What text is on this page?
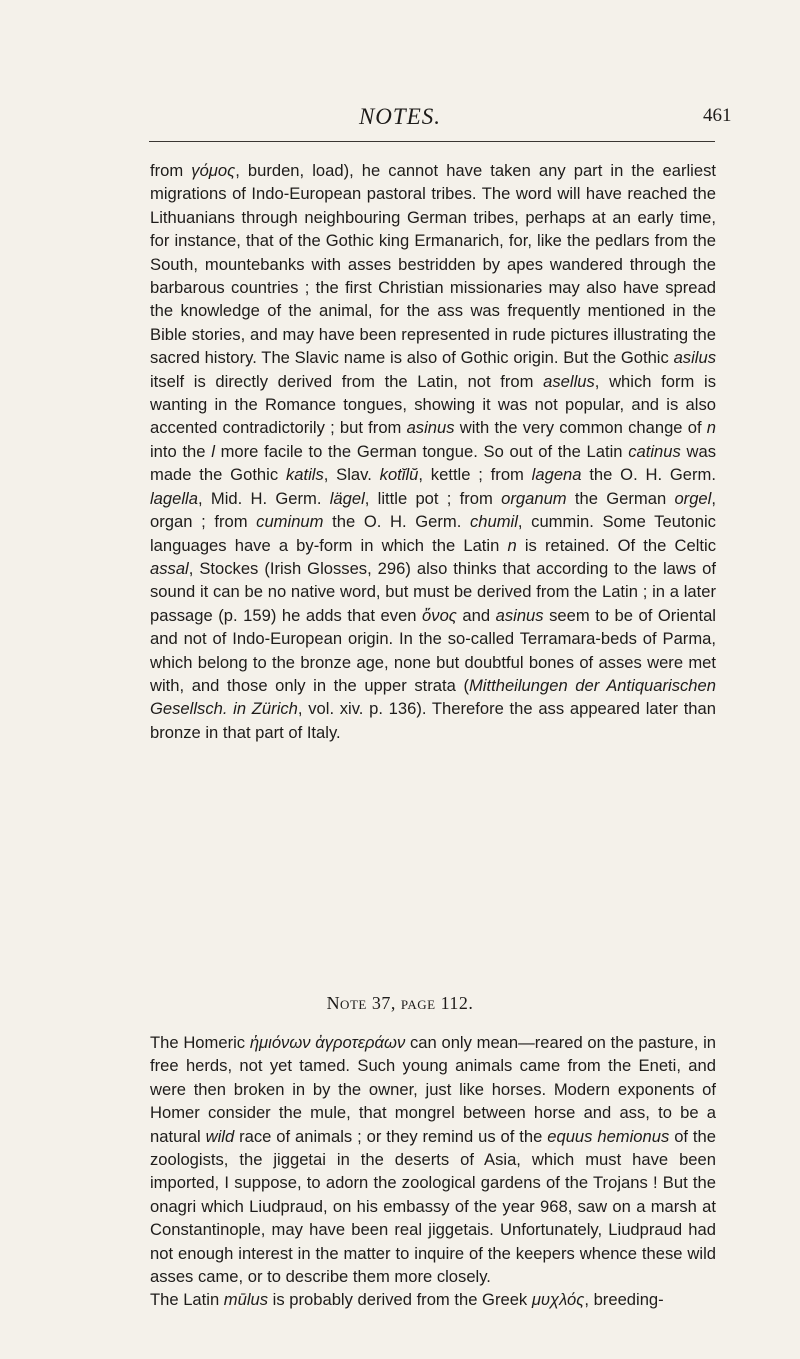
NOTES.	461

from γόμος, burden, load), he cannot have taken any part in the earliest migrations of Indo-European pastoral tribes. The word will have reached the Lithuanians through neighbouring German tribes, perhaps at an early time, for instance, that of the Gothic king Ermanarich, for, like the pedlars from the South, mountebanks with asses bestridden by apes wandered through the barbarous countries ; the first Christian missionaries may also have spread the knowledge of the animal, for the ass was frequently mentioned in the Bible stories, and may have been represented in rude pictures illustrating the sacred history. The Slavic name is also of Gothic origin. But the Gothic asilus itself is directly derived from the Latin, not from asellus, which form is wanting in the Romance tongues, showing it was not popular, and is also accented contradictorily ; but from asinus with the very common change of n into the l more facile to the German tongue. So out of the Latin catinus was made the Gothic katils, Slav. kotĭlŭ, kettle ; from lagena the O. H. Germ. lagella, Mid. H. Germ. lägel, little pot ; from organum the German orgel, organ ; from cuminum the O. H. Germ. chumil, cummin. Some Teutonic languages have a by-form in which the Latin n is retained. Of the Celtic assal, Stockes (Irish Glosses, 296) also thinks that according to the laws of sound it can be no native word, but must be derived from the Latin ; in a later passage (p. 159) he adds that even ὄνος and asinus seem to be of Oriental and not of Indo-European origin. In the so-called Terramara-beds of Parma, which belong to the bronze age, none but doubtful bones of asses were met with, and those only in the upper strata (Mittheilungen der Antiquarischen Gesellsch. in Zürich, vol. xiv. p. 136). Therefore the ass appeared later than bronze in that part of Italy.

Note 37, page 112.

The Homeric ἡμιόνων ἀγροτεράων can only mean—reared on the pasture, in free herds, not yet tamed. Such young animals came from the Eneti, and were then broken in by the owner, just like horses. Modern exponents of Homer consider the mule, that mongrel between horse and ass, to be a natural wild race of animals ; or they remind us of the equus hemionus of the zoologists, the jiggetai in the deserts of Asia, which must have been imported, I suppose, to adorn the zoological gardens of the Trojans ! But the onagri which Liudpraud, on his embassy of the year 968, saw on a marsh at Constantinople, may have been real jiggetais. Unfortunately, Liudpraud had not enough interest in the matter to inquire of the keepers whence these wild asses came, or to describe them more closely.

The Latin mūlus is probably derived from the Greek μυχλός, breeding-
